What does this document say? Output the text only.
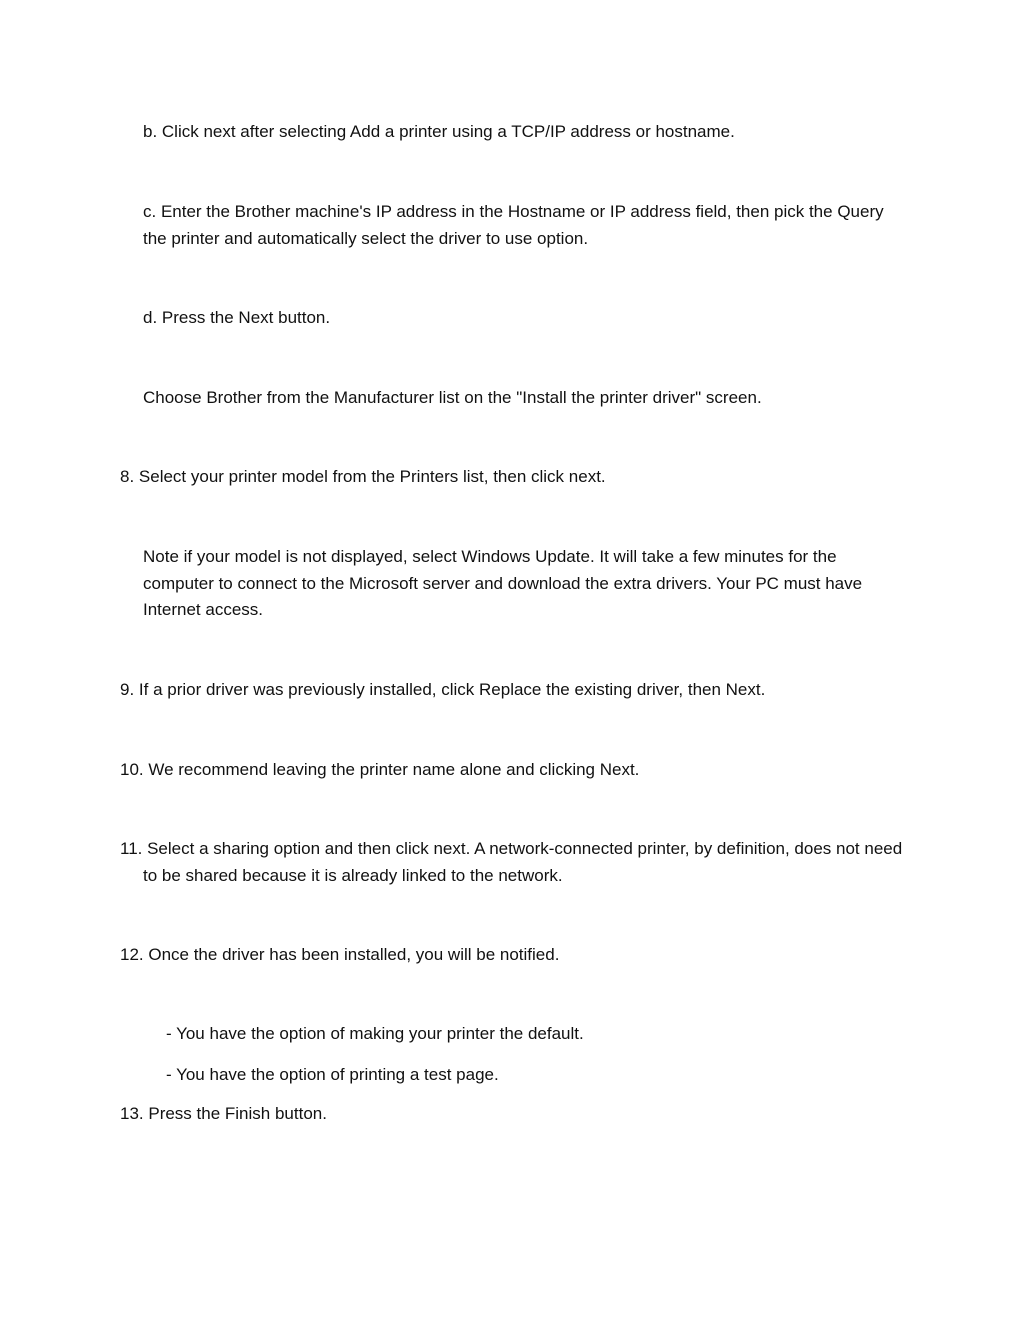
b. Click next after selecting Add a printer using a TCP/IP address or hostname.

c. Enter the Brother machine's IP address in the Hostname or IP address field, then pick the Query the printer and automatically select the driver to use option.

d. Press the Next button.

Choose Brother from the Manufacturer list on the "Install the printer driver" screen.

8. Select your printer model from the Printers list, then click next.

Note if your model is not displayed, select Windows Update. It will take a few minutes for the computer to connect to the Microsoft server and download the extra drivers. Your PC must have Internet access.

9. If a prior driver was previously installed, click Replace the existing driver, then Next.

10. We recommend leaving the printer name alone and clicking Next.

11. Select a sharing option and then click next. A network-connected printer, by definition, does not need to be shared because it is already linked to the network.

12. Once the driver has been installed, you will be notified.

- You have the option of making your printer the default.

- You have the option of printing a test page.

13. Press the Finish button.
